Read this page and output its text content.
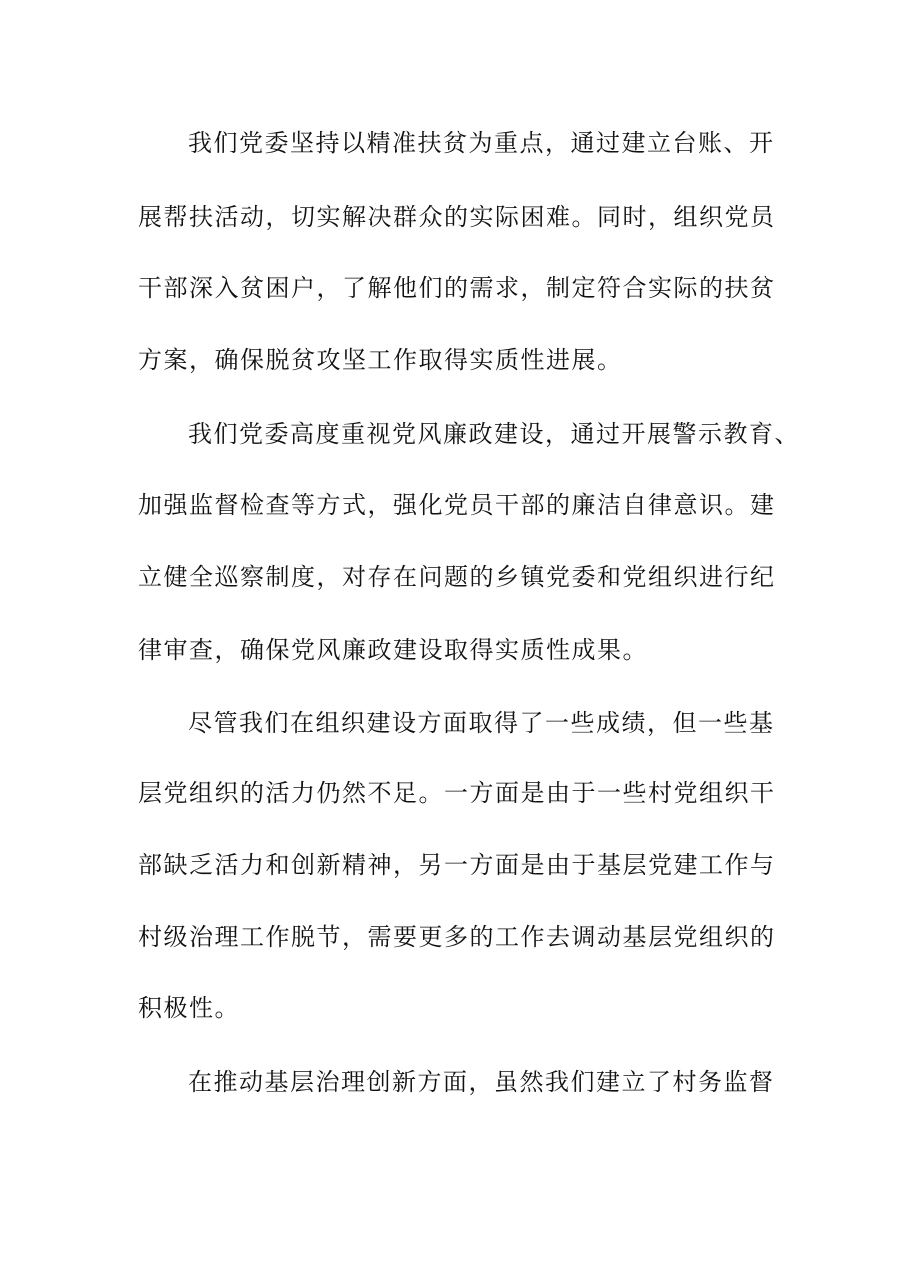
我们党委坚持以精准扶贫为重点，通过建立台账、开

展帮扶活动，切实解决群众的实际困难。同时，组织党员

干部深入贫困户，了解他们的需求，制定符合实际的扶贫

方案，确保脱贫攻坚工作取得实质性进展。

我们党委高度重视党风廉政建设，通过开展警示教育、

加强监督检查等方式，强化党员干部的廉洁自律意识。建

立健全巡察制度，对存在问题的乡镇党委和党组织进行纪

律审查，确保党风廉政建设取得实质性成果。

尽管我们在组织建设方面取得了一些成绩，但一些基

层党组织的活力仍然不足。一方面是由于一些村党组织干

部缺乏活力和创新精神，另一方面是由于基层党建工作与

村级治理工作脱节，需要更多的工作去调动基层党组织的

积极性。

在推动基层治理创新方面，虽然我们建立了村务监督
